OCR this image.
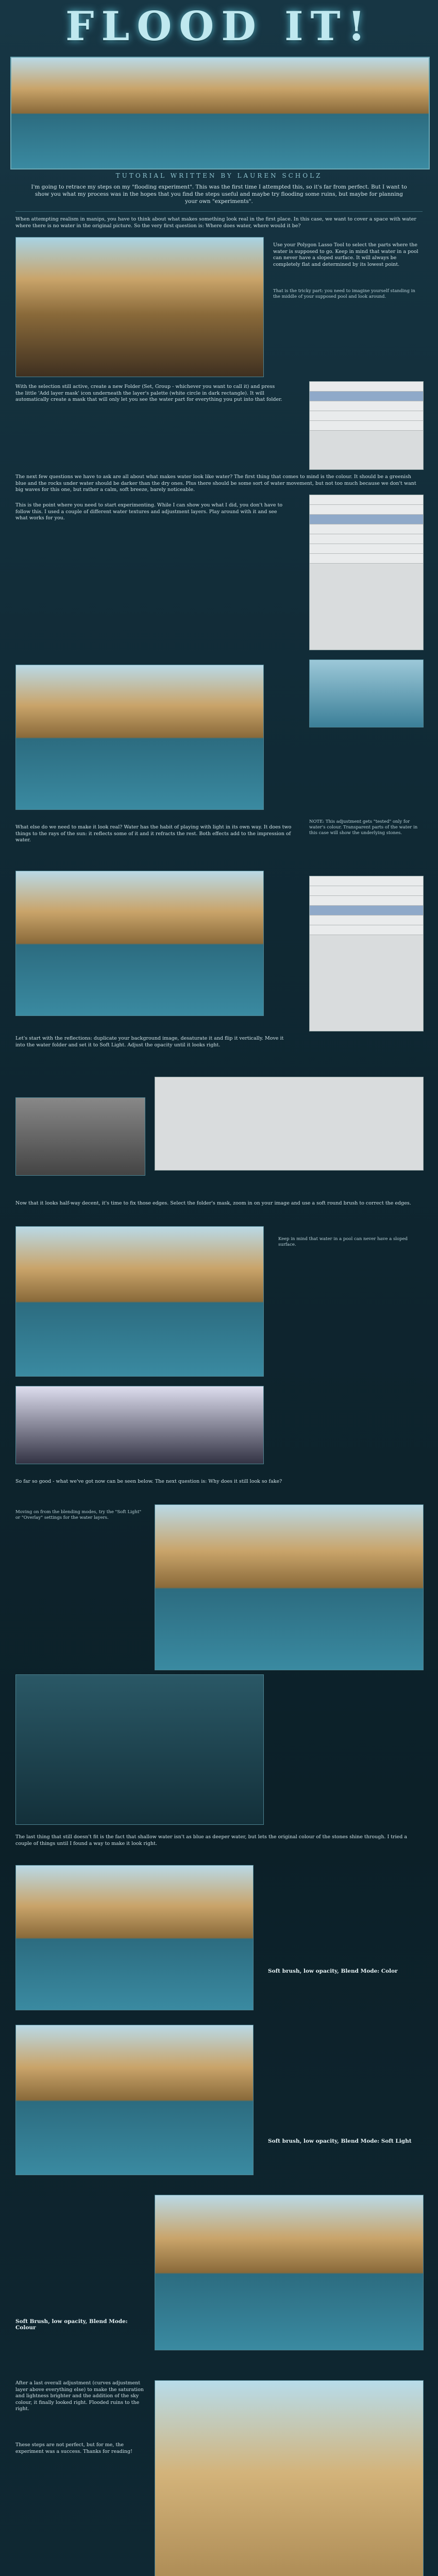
FLOOD IT!
TUTORIAL WRITTEN BY LAUREN SCHOLZ
I'm going to retrace my steps on my "flooding experiment". This was the first time I attempted this, so it's far from perfect. But I want to show you what my process was in the hopes that you find the steps useful and maybe try flooding some ruins, but maybe for planning your own "experiments".
When attempting realism in manips, you have to think about what makes something look real in the first place. In this case, we want to cover a space with water where there is no water in the original picture. So the very first question is: Where does water, where would it be?
Use your Polygon Lasso Tool to select the parts where the water is supposed to go. Keep in mind that water in a pool can never have a sloped surface. It will always be completely flat and determined by its lowest point.
That is the tricky part: you need to imagine yourself standing in the middle of your supposed pool and look around.
With the selection still active, create a new Folder (Set, Group - whichever you want to call it) and press the little 'Add layer mask' icon underneath the layer's palette (white circle in dark rectangle). It will automatically create a mask that will only let you see the water part for everything you put into that folder.
The next few questions we have to ask are all about what makes water look like water? The first thing that comes to mind is the colour. It should be a greenish blue and the rocks under water should be darker than the dry ones. Plus there should be some sort of water movement, but not too much because we don't want big waves for this one, but rather a calm, soft breeze, barely noticeable.
This is the point where you need to start experimenting. While I can show you what I did, you don't have to follow this. I used a couple of different water textures and adjustment layers. Play around with it and see what works for you.
What else do we need to make it look real? Water has the habit of playing with light in its own way. It does two things to the rays of the sun: it reflects some of it and it refracts the rest. Both effects add to the impression of water.
NOTE: This adjustment gets "tested" only for water's colour. Transparent parts of the water in this case will show the underlying stones.
Let's start with the reflections: duplicate your background image, desaturate it and flip it vertically. Move it into the water folder and set it to Soft Light. Adjust the opacity until it looks right.
Now that it looks half-way decent, it's time to fix those edges. Select the folder's mask, zoom in on your image and use a soft round brush to correct the edges.
Keep in mind that water in a pool can never have a sloped surface.
So far so good - what we've got now can be seen below. The next question is: Why does it still look so fake?
Moving on from the blending modes, try the "Soft Light" or "Overlay" settings for the water layers.
The last thing that still doesn't fit is the fact that shallow water isn't as blue as deeper water, but lets the original colour of the stones shine through. I tried a couple of things until I found a way to make it look right.
Soft brush, low opacity, Blend Mode: Color
Soft brush, low opacity, Blend Mode: Soft Light
Soft Brush, low opacity, Blend Mode: Colour
After a last overall adjustment (curves adjustment layer above everything else) to make the saturation and lightness brighter and the addition of the sky colour, it finally looked right. Flooded ruins to the right.
These steps are not perfect, but for me, the experiment was a success. Thanks for reading!
